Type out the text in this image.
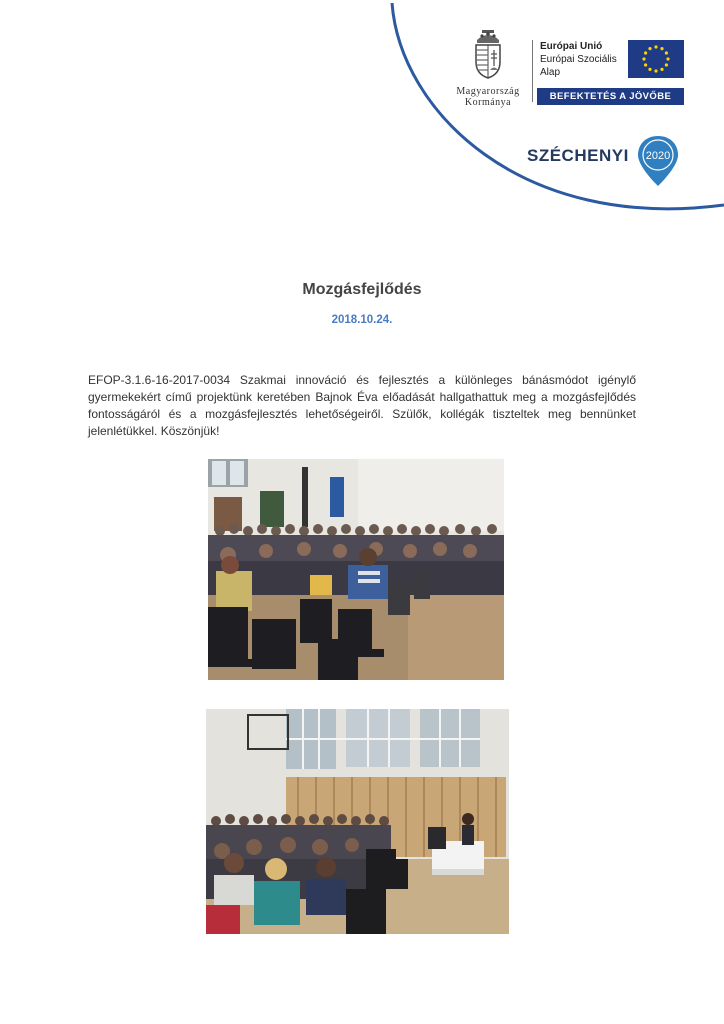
Magyarország
Kormánya
Európai Unió
Európai Szociális
Alap
BEFEKTETÉS A JÖVŐBE
SZÉCHENYI 2020
Mozgásfejlődés
2018.10.24.
EFOP-3.1.6-16-2017-0034 Szakmai innováció és fejlesztés a különleges bánásmódot igénylő gyermekekért című projektünk keretében Bajnok Éva előadását hallgathattuk meg a mozgásfejlődés fontosságáról és a mozgásfejlesztés lehetőségeiről. Szülők, kollégák tiszteltek meg bennünket jelenlétükkel. Köszönjük!
